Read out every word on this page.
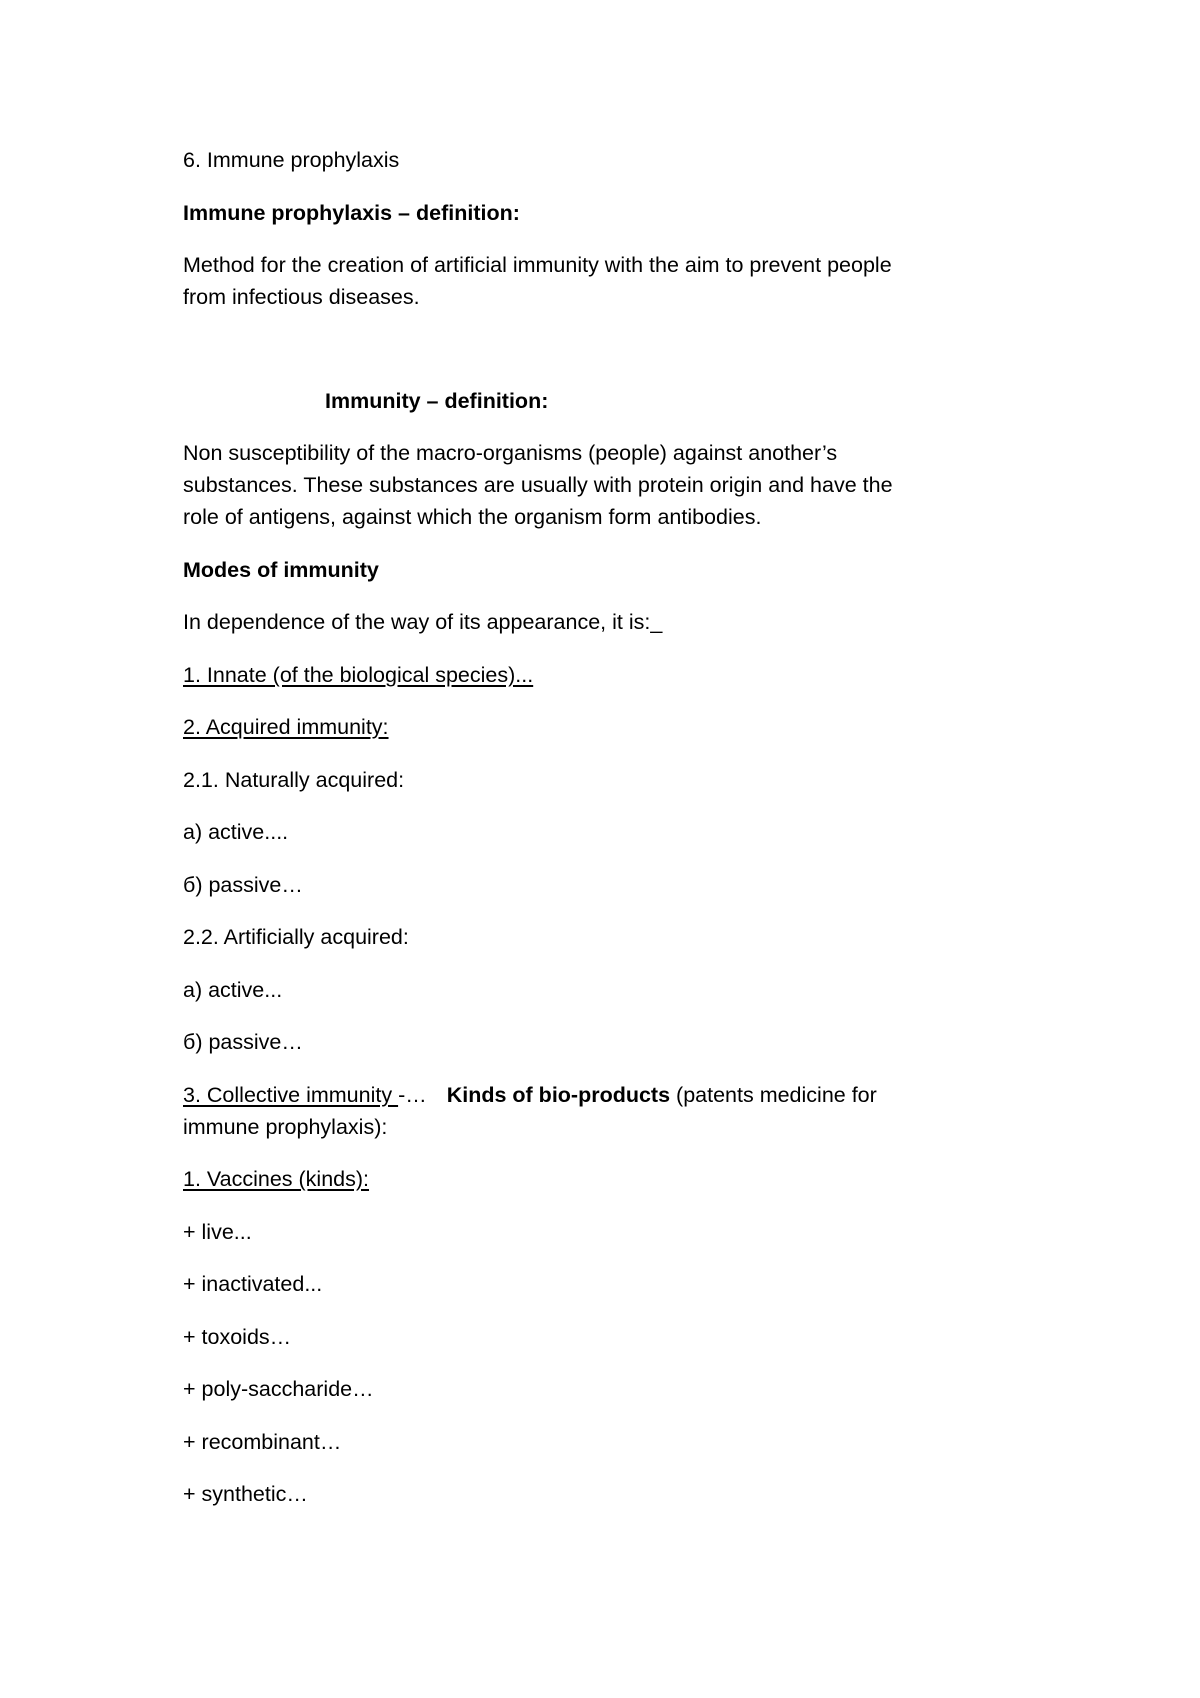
6. Immune prophylaxis

Immune prophylaxis – definition:

Method for the creation of artificial immunity with the aim to prevent people

from infectious diseases.

Immunity – definition:

Non susceptibility of the macro-organisms (people) against another’s

substances. These substances are usually with protein origin and have the

role of antigens, against which the organism form antibodies.

Modes of immunity

In dependence of the way of its appearance, it is:_

1. Innate (of the biological species)...

2. Acquired immunity:

2.1. Naturally acquired:

a) active....

б) passive…

2.2. Artificially acquired:

a) active...

б) passive…

3. Collective immunity -… Kinds of bio-products (patents medicine for

immune prophylaxis):

1. Vaccines (kinds):

+ live...

+ inactivated...

+ toxoids…

+ poly-saccharide…

+ recombinant…

+ synthetic…
